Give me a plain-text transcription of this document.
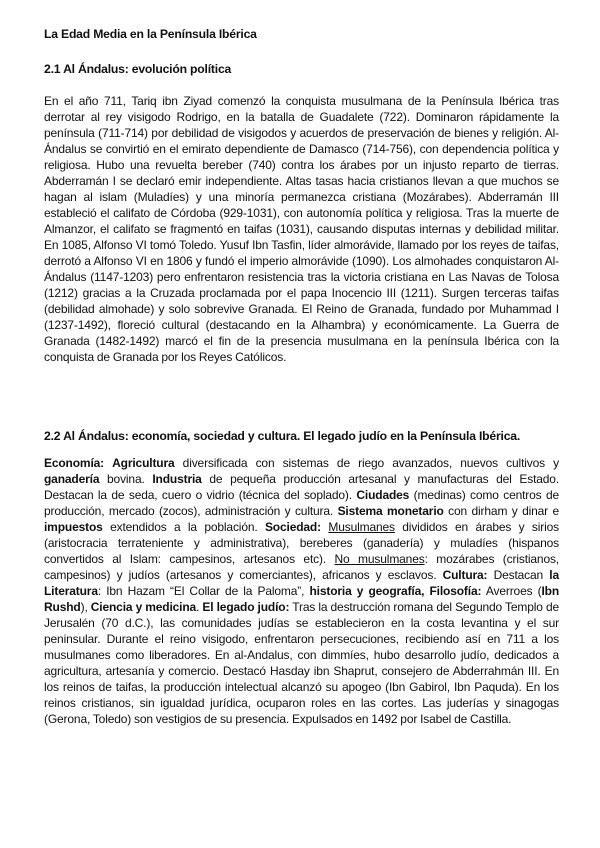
La Edad Media en la Península Ibérica
2.1 Al Ándalus: evolución política
En el año 711, Tariq ibn Ziyad comenzó la conquista musulmana de la Península Ibérica tras derrotar al rey visigodo Rodrigo, en la batalla de Guadalete (722). Dominaron rápidamente la península (711-714) por debilidad de visigodos y acuerdos de preservación de bienes y religión. Al-Ándalus se convirtió en el emirato dependiente de Damasco (714-756), con dependencia política y religiosa. Hubo una revuelta bereber (740) contra los árabes por un injusto reparto de tierras. Abderramán I se declaró emir independiente. Altas tasas hacia cristianos llevan a que muchos se hagan al islam (Muladíes) y una minoría permanezca cristiana (Mozárabes). Abderramán III estableció el califato de Córdoba (929-1031), con autonomía política y religiosa. Tras la muerte de Almanzor, el califato se fragmentó en taifas (1031), causando disputas internas y debilidad militar. En 1085, Alfonso VI tomó Toledo. Yusuf Ibn Tasfin, líder almorávide, llamado por los reyes de taifas, derrotó a Alfonso VI en 1806 y fundó el imperio almorávide (1090). Los almohades conquistaron Al-Ándalus (1147-1203) pero enfrentaron resistencia tras la victoria cristiana en Las Navas de Tolosa (1212) gracias a la Cruzada proclamada por el papa Inocencio III (1211). Surgen terceras taifas (debilidad almohade) y solo sobrevive Granada. El Reino de Granada, fundado por Muhammad I (1237-1492), floreció cultural (destacando en la Alhambra) y económicamente. La Guerra de Granada (1482-1492) marcó el fin de la presencia musulmana en la península Ibérica con la conquista de Granada por los Reyes Católicos.
2.2 Al Ándalus: economía, sociedad y cultura. El legado judío en la Península Ibérica.
Economía: Agricultura diversificada con sistemas de riego avanzados, nuevos cultivos y ganadería bovina. Industria de pequeña producción artesanal y manufacturas del Estado. Destacan la de seda, cuero o vidrio (técnica del soplado). Ciudades (medinas) como centros de producción, mercado (zocos), administración y cultura. Sistema monetario con dirham y dinar e impuestos extendidos a la población. Sociedad: Musulmanes divididos en árabes y sirios (aristocracia terrateniente y administrativa), bereberes (ganadería) y muladíes (hispanos convertidos al Islam: campesinos, artesanos etc). No musulmanes: mozárabes (cristianos, campesinos) y judíos (artesanos y comerciantes), africanos y esclavos. Cultura: Destacan la Literatura: Ibn Hazam “El Collar de la Paloma”, historia y geografía, Filosofía: Averroes (Ibn Rushd), Ciencia y medicina. El legado judío: Tras la destrucción romana del Segundo Templo de Jerusalén (70 d.C.), las comunidades judías se establecieron en la costa levantina y el sur peninsular. Durante el reino visigodo, enfrentaron persecuciones, recibiendo así en 711 a los musulmanes como liberadores. En al-Andalus, con dimmíes, hubo desarrollo judío, dedicados a agricultura, artesanía y comercio. Destacó Hasday ibn Shaprut, consejero de Abderrahmán III. En los reinos de taifas, la producción intelectual alcanzó su apogeo (Ibn Gabirol, Ibn Paquda). En los reinos cristianos, sin igualdad jurídica, ocuparon roles en las cortes. Las juderías y sinagogas (Gerona, Toledo) son vestigios de su presencia. Expulsados en 1492 por Isabel de Castilla.
